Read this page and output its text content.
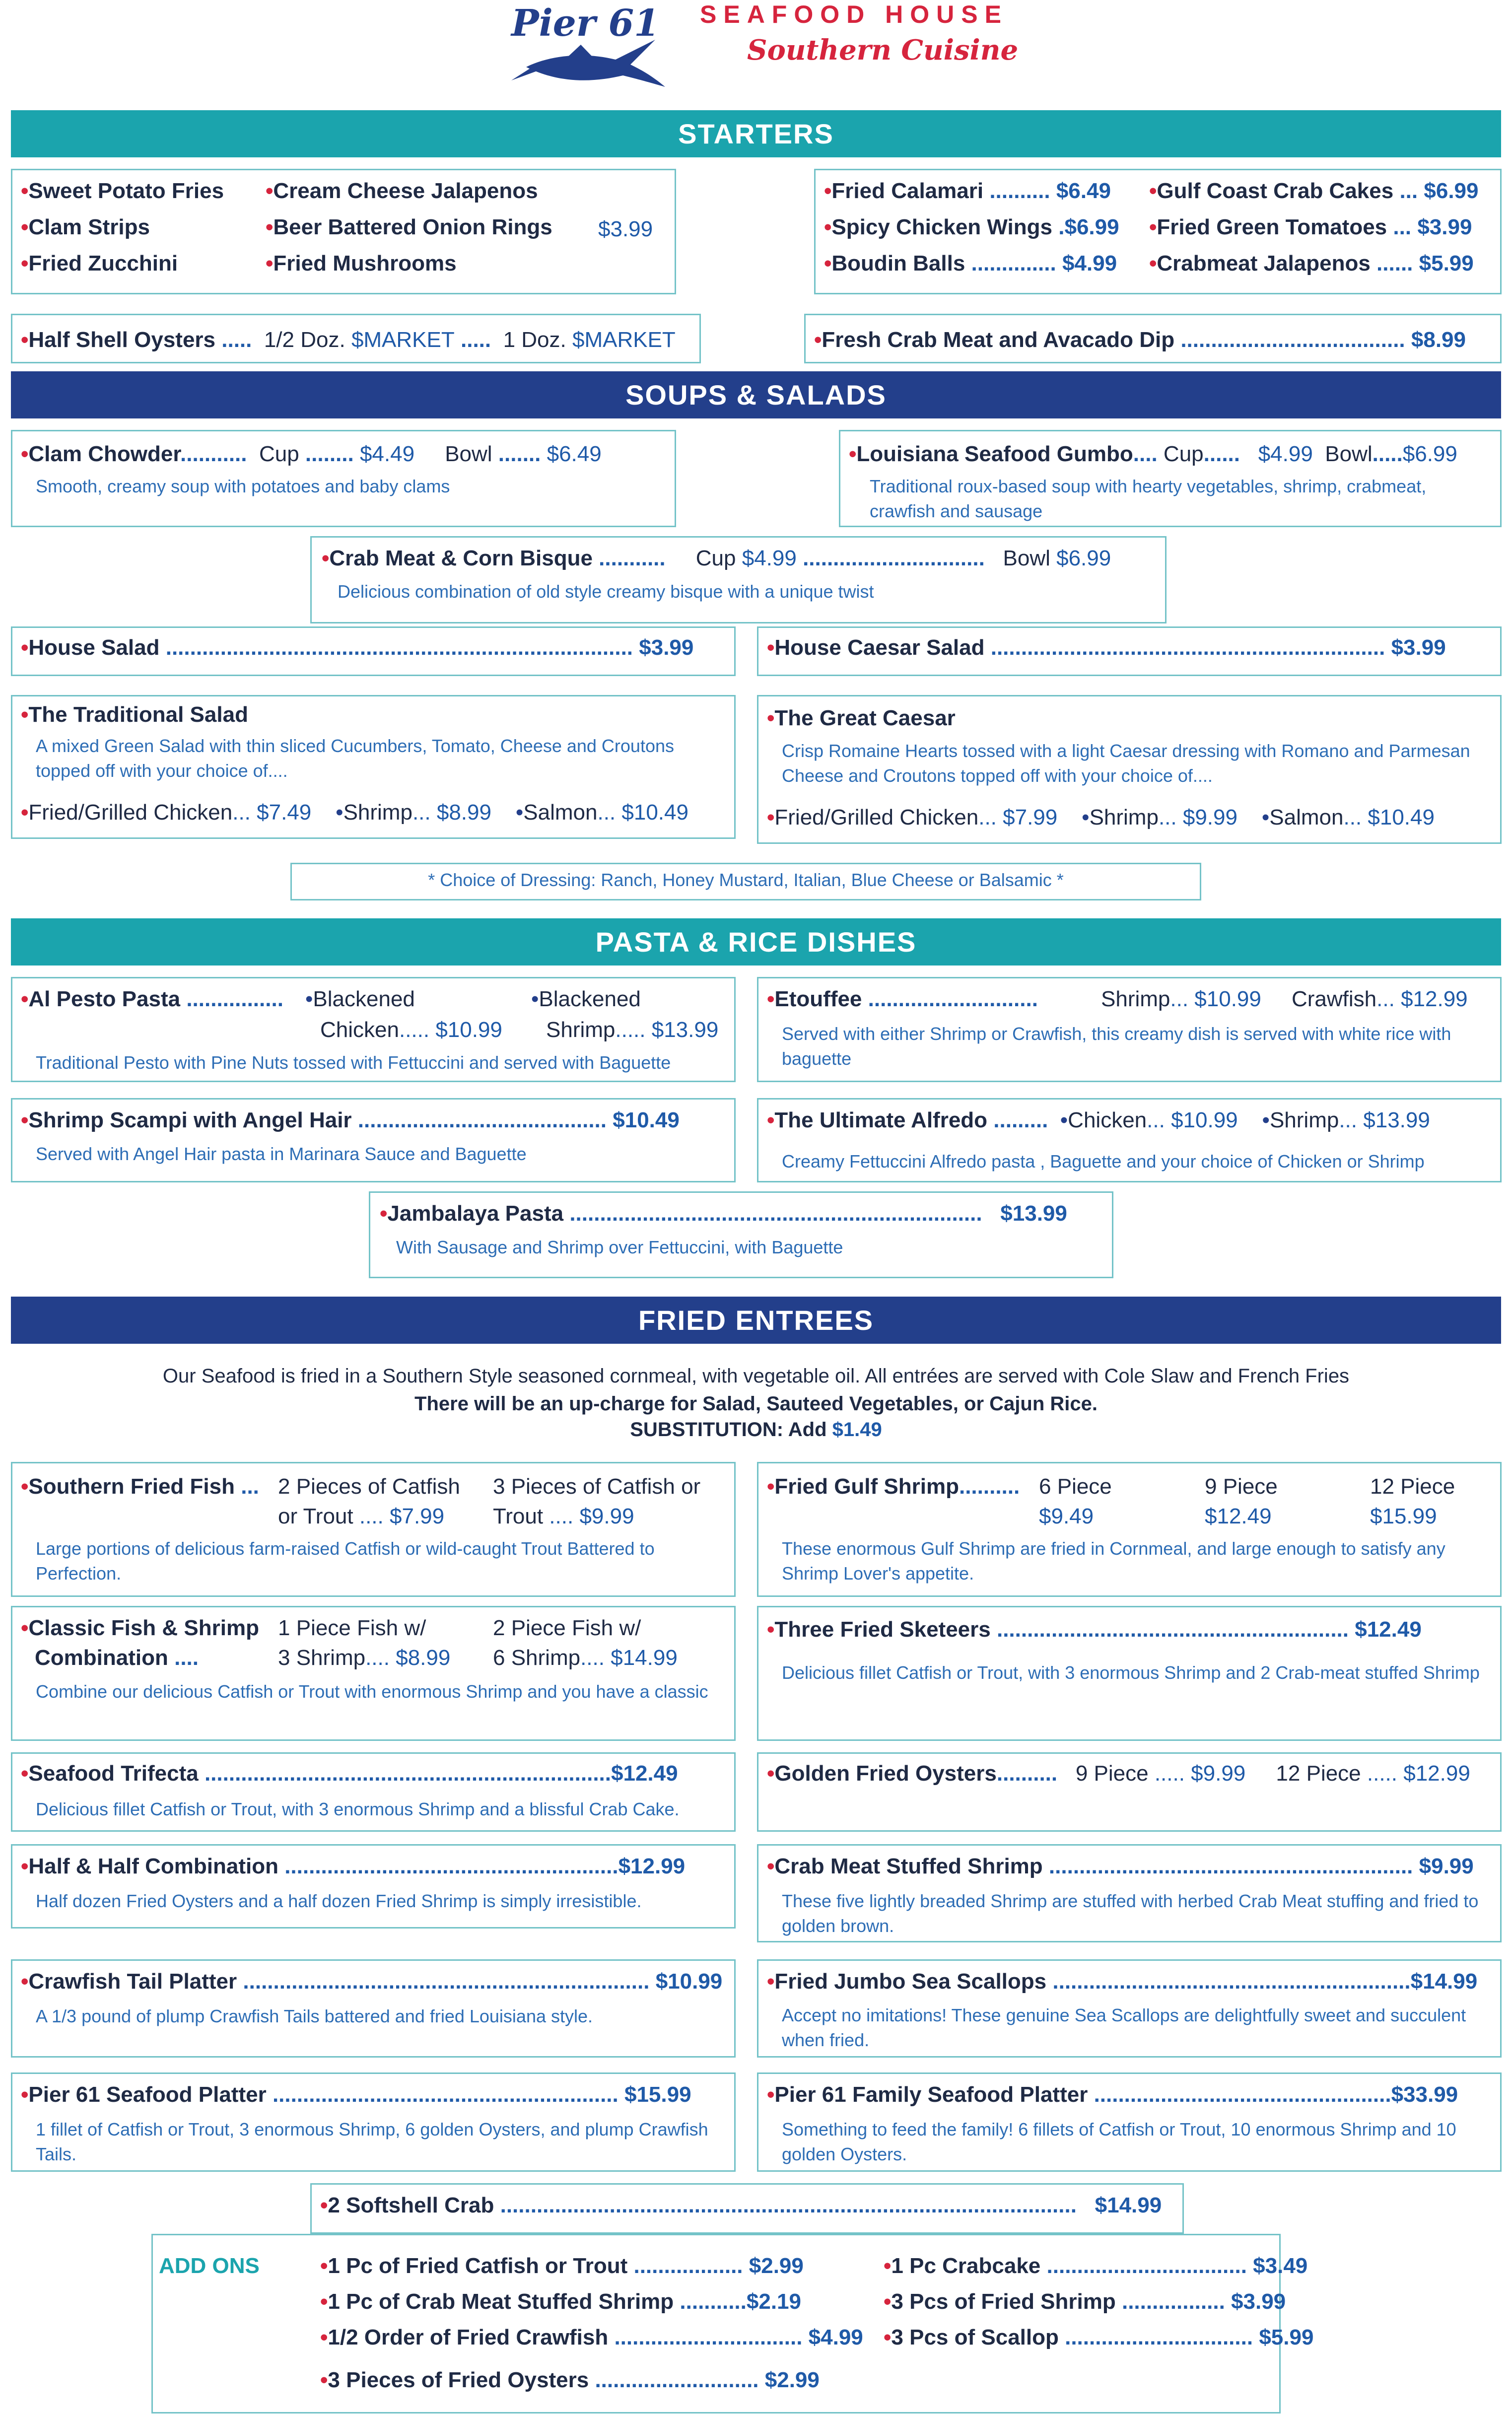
Pier 61 SEAFOOD HOUSE
Southern Cuisine
STARTERS
•Sweet Potato Fries
•Clam Strips
•Fried Zucchini
•Cream Cheese Jalapenos
•Beer Battered Onion Rings
•Fried Mushrooms
$3.99
•Fried Calamari .......... $6.49
•Spicy Chicken Wings .$6.99
•Boudin Balls .............. $4.99
•Gulf Coast Crab Cakes ... $6.99
•Fried Green Tomatoes ... $3.99
•Crabmeat Jalapenos ...... $5.99
•Half Shell Oysters ..... 1/2 Doz. $MARKET ..... 1 Doz. $MARKET	•Fresh Crab Meat and Avacado Dip ..................................... $8.99
SOUPS & SALADS
•Clam Chowder........... Cup ........ $4.49 Bowl ....... $6.49
Smooth, creamy soup with potatoes and baby clams
•Louisiana Seafood Gumbo.... Cup...... $4.99 Bowl.....$6.99
Traditional roux-based soup with hearty vegetables, shrimp, crabmeat, crawfish and sausage
•Crab Meat & Corn Bisque ........... Cup $4.99 .............................. Bowl $6.99
Delicious combination of old style creamy bisque with a unique twist
•House Salad ............................................................................. $3.99	•House Caesar Salad ................................................................. $3.99
•The Traditional Salad
A mixed Green Salad with thin sliced Cucumbers, Tomato, Cheese and Croutons topped off with your choice of....
•Fried/Grilled Chicken... $7.49 •Shrimp... $8.99 •Salmon... $10.49
•The Great Caesar
Crisp Romaine Hearts tossed with a light Caesar dressing with Romano and Parmesan Cheese and Croutons topped off with your choice of....
•Fried/Grilled Chicken... $7.99 •Shrimp... $9.99 •Salmon... $10.49
* Choice of Dressing: Ranch, Honey Mustard, Italian, Blue Cheese or Balsamic *
PASTA & RICE DISHES
•Al Pesto Pasta ................ •Blackened
Chicken..... $10.99
•Blackened
Shrimp..... $13.99
Traditional Pesto with Pine Nuts tossed with Fettuccini and served with Baguette
•Etouffee ............................	Shrimp... $10.99 Crawfish... $12.99
Served with either Shrimp or Crawfish, this creamy dish is served with white rice with baguette
•Shrimp Scampi with Angel Hair ......................................... $10.49
Served with Angel Hair pasta in Marinara Sauce and Baguette
•The Ultimate Alfredo ......... •Chicken... $10.99 •Shrimp... $13.99
Creamy Fettuccini Alfredo pasta , Baguette and your choice of Chicken or Shrimp
•Jambalaya Pasta .................................................................... $13.99
With Sausage and Shrimp over Fettuccini, with Baguette
FRIED ENTREES
Our Seafood is fried in a Southern Style seasoned cornmeal, with vegetable oil. All entrées are served with Cole Slaw and French Fries
There will be an up-charge for Salad, Sauteed Vegetables, or Cajun Rice.
SUBSTITUTION: Add $1.49
•Southern Fried Fish ... 2 Pieces of Catfish
or Trout .... $7.99
3 Pieces of Catfish or
Trout .... $9.99
Large portions of delicious farm-raised Catfish or wild-caught Trout Battered to Perfection.
•Fried Gulf Shrimp.......... 6 Piece
$9.49
9 Piece
$12.49
12 Piece
$15.99
These enormous Gulf Shrimp are fried in Cornmeal, and large enough to satisfy any Shrimp Lover's appetite.
•Classic Fish & Shrimp
Combination ....
1 Piece Fish w/
3 Shrimp.... $8.99
2 Piece Fish w/
6 Shrimp.... $14.99
Combine our delicious Catfish or Trout with enormous Shrimp and you have a classic
•Three Fried Sketeers .......................................................... $12.49
Delicious fillet Catfish or Trout, with 3 enormous Shrimp and 2 Crab-meat stuffed Shrimp
•Seafood Trifecta ...................................................................$12.49
Delicious fillet Catfish or Trout, with 3 enormous Shrimp and a blissful Crab Cake.
•Golden Fried Oysters.......... 9 Piece ..... $9.99 12 Piece ..... $12.99
•Half & Half Combination .......................................................$12.99
Half dozen Fried Oysters and a half dozen Fried Shrimp is simply irresistible.
•Crab Meat Stuffed Shrimp ............................................................ $9.99
These five lightly breaded Shrimp are stuffed with herbed Crab Meat stuffing and fried to golden brown.
•Crawfish Tail Platter ................................................................... $10.99
A 1/3 pound of plump Crawfish Tails battered and fried Louisiana style.
•Fried Jumbo Sea Scallops ...........................................................$14.99
Accept no imitations! These genuine Sea Scallops are delightfully sweet and succulent when fried.
•Pier 61 Seafood Platter ......................................................... $15.99
1 fillet of Catfish or Trout, 3 enormous Shrimp, 6 golden Oysters, and plump Crawfish Tails.
•Pier 61 Family Seafood Platter .................................................$33.99
Something to feed the family! 6 fillets of Catfish or Trout, 10 enormous Shrimp and 10 golden Oysters.
•2 Softshell Crab ............................................................................................... $14.99
ADD ONS	•1 Pc of Fried Catfish or Trout .................. $2.99
•1 Pc of Crab Meat Stuffed Shrimp ...........$2.19
•1/2 Order of Fried Crawfish ............................... $4.99
•3 Pieces of Fried Oysters ........................... $2.99
•1 Pc Crabcake ................................. $3.49
•3 Pcs of Fried Shrimp ................. $3.99
•3 Pcs of Scallop ............................... $5.99
